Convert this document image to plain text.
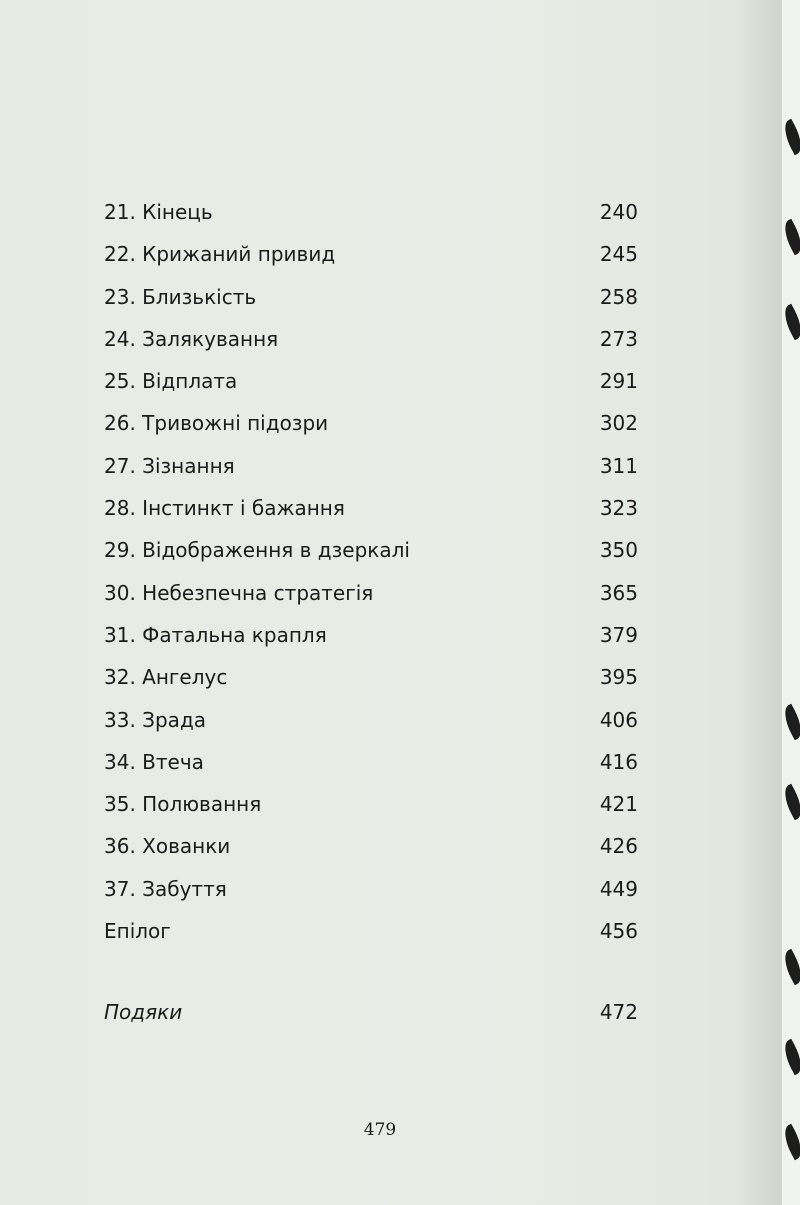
21. Кінець	240
22. Крижаний привид	245
23. Близькість	258
24. Залякування	273
25. Відплата	291
26. Тривожні підозри	302
27. Зізнання	311
28. Інстинкт і бажання	323
29. Відображення в дзеркалі	350
30. Небезпечна стратегія	365
31. Фатальна крапля	379
32. Ангелус	395
33. Зрада	406
34. Втеча	416
35. Полювання	421
36. Хованки	426
37. Забуття	449
Епілог	456
Подяки	472
479
